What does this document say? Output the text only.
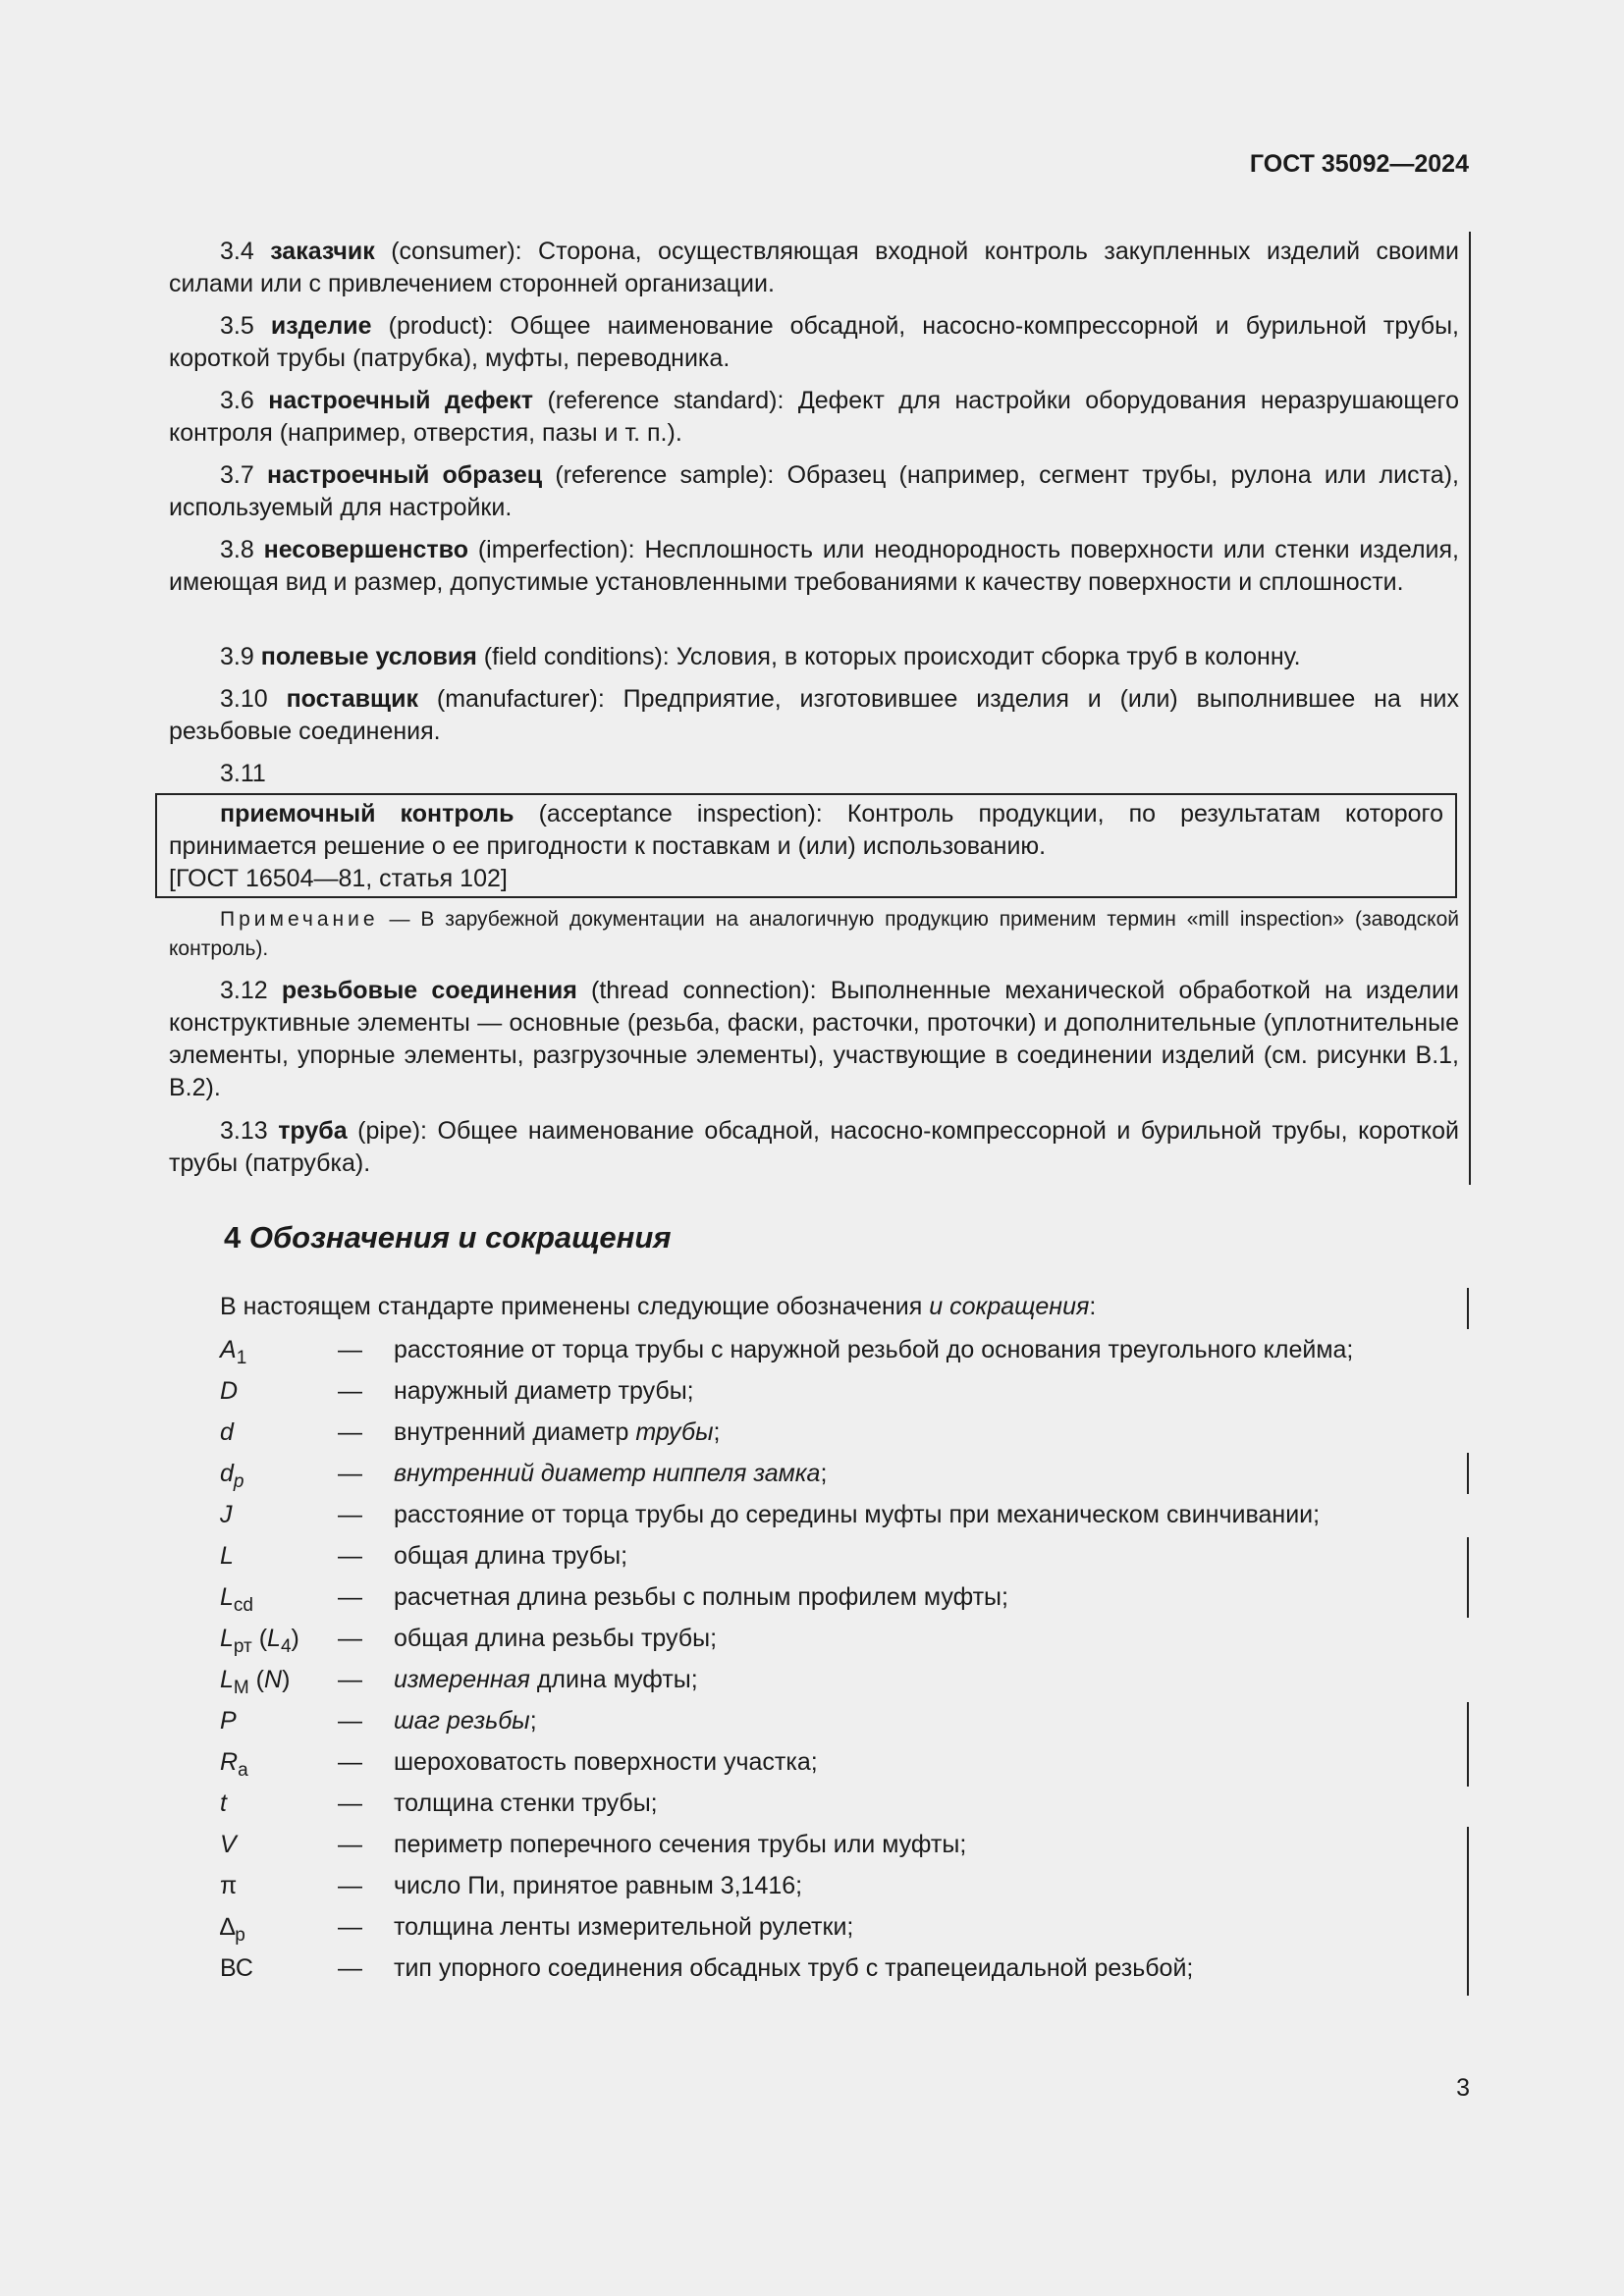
ГОСТ 35092—2024

3.4 заказчик (consumer): Сторона, осуществляющая входной контроль закупленных изделий своими силами или с привлечением сторонней организации.

3.5 изделие (product): Общее наименование обсадной, насосно-компрессорной и бурильной трубы, короткой трубы (патрубка), муфты, переводника.

3.6 настроечный дефект (reference standard): Дефект для настройки оборудования неразрушающего контроля (например, отверстия, пазы и т. п.).

3.7 настроечный образец (reference sample): Образец (например, сегмент трубы, рулона или листа), используемый для настройки.

3.8 несовершенство (imperfection): Несплошность или неоднородность поверхности или стенки изделия, имеющая вид и размер, допустимые установленными требованиями к качеству поверхности и сплошности.

3.9 полевые условия (field conditions): Условия, в которых происходит сборка труб в колонну.

3.10 поставщик (manufacturer): Предприятие, изготовившее изделия и (или) выполнившее на них резьбовые соединения.

3.11

приемочный контроль (acceptance inspection): Контроль продукции, по результатам которого принимается решение о ее пригодности к поставкам и (или) использованию.

[ГОСТ 16504—81, статья 102]

Примечание — В зарубежной документации на аналогичную продукцию применим термин «mill inspection» (заводской контроль).

3.12 резьбовые соединения (thread connection): Выполненные механической обработкой на изделии конструктивные элементы — основные (резьба, фаски, расточки, проточки) и дополнительные (уплотнительные элементы, упорные элементы, разгрузочные элементы), участвующие в соединении изделий (см. рисунки В.1, В.2).

3.13 труба (pipe): Общее наименование обсадной, насосно-компрессорной и бурильной трубы, короткой трубы (патрубка).

4 Обозначения и сокращения

В настоящем стандарте применены следующие обозначения и сокращения:

$A_1$	— расстояние от торца трубы с наружной резьбой до основания треугольного клейма;
D	— наружный диаметр трубы;
d	— внутренний диаметр трубы;
$d_p$	— внутренний диаметр ниппеля замка;
J	— расстояние от торца трубы до середины муфты при механическом свинчивании;
L	— общая длина трубы;
$L_{cd}$	— расчетная длина резьбы с полным профилем муфты;
$L_{рт}$ $(L_4)$	— общая длина резьбы трубы;
$L_М$ (N)	— измеренная длина муфты;
P	— шаг резьбы;
$R_a$	— шероховатость поверхности участка;
t	— толщина стенки трубы;
V	— периметр поперечного сечения трубы или муфты;
π	— число Пи, принятое равным 3,1416;
$\Delta_p$	— толщина ленты измерительной рулетки;
ВС	— тип упорного соединения обсадных труб с трапецеидальной резьбой;
3
